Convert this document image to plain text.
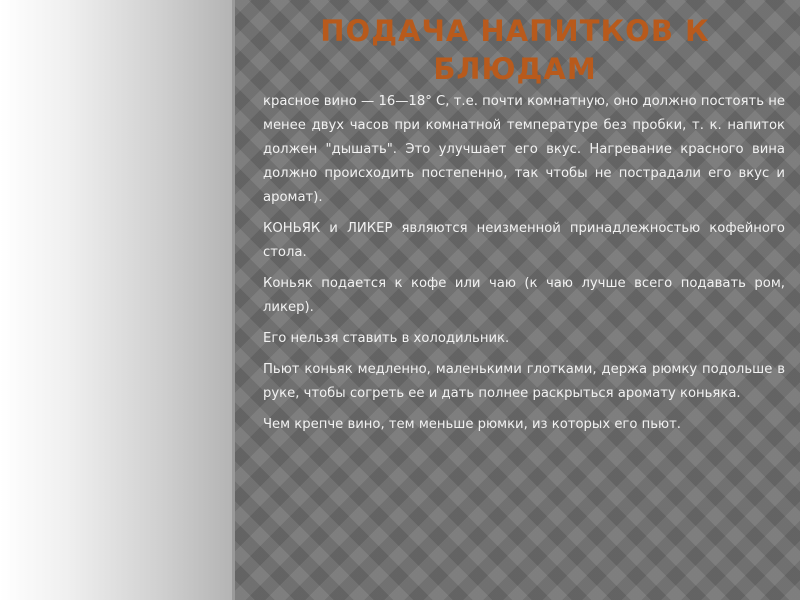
ПОДАЧА НАПИТКОВ К БЛЮДАМ

красное вино — 16—18° С, т.е. почти комнатную, оно должно постоять не менее двух часов при комнатной температуре без пробки, т. к. напиток должен "дышать". Это улучшает его вкус. Нагревание красного вина должно происходить постепенно, так чтобы не пострадали его вкус и аромат).

КОНЬЯК и ЛИКЕР являются неизменной принадлежностью кофейного стола.

Коньяк подается к кофе или чаю (к чаю лучше всего подавать ром, ликер).

Его нельзя ставить в холодильник.

Пьют коньяк медленно, маленькими глотками, держа рюмку подольше в руке, чтобы согреть ее и дать полнее раскрыться аромату коньяка.

Чем крепче вино, тем меньше рюмки, из которых его пьют.
